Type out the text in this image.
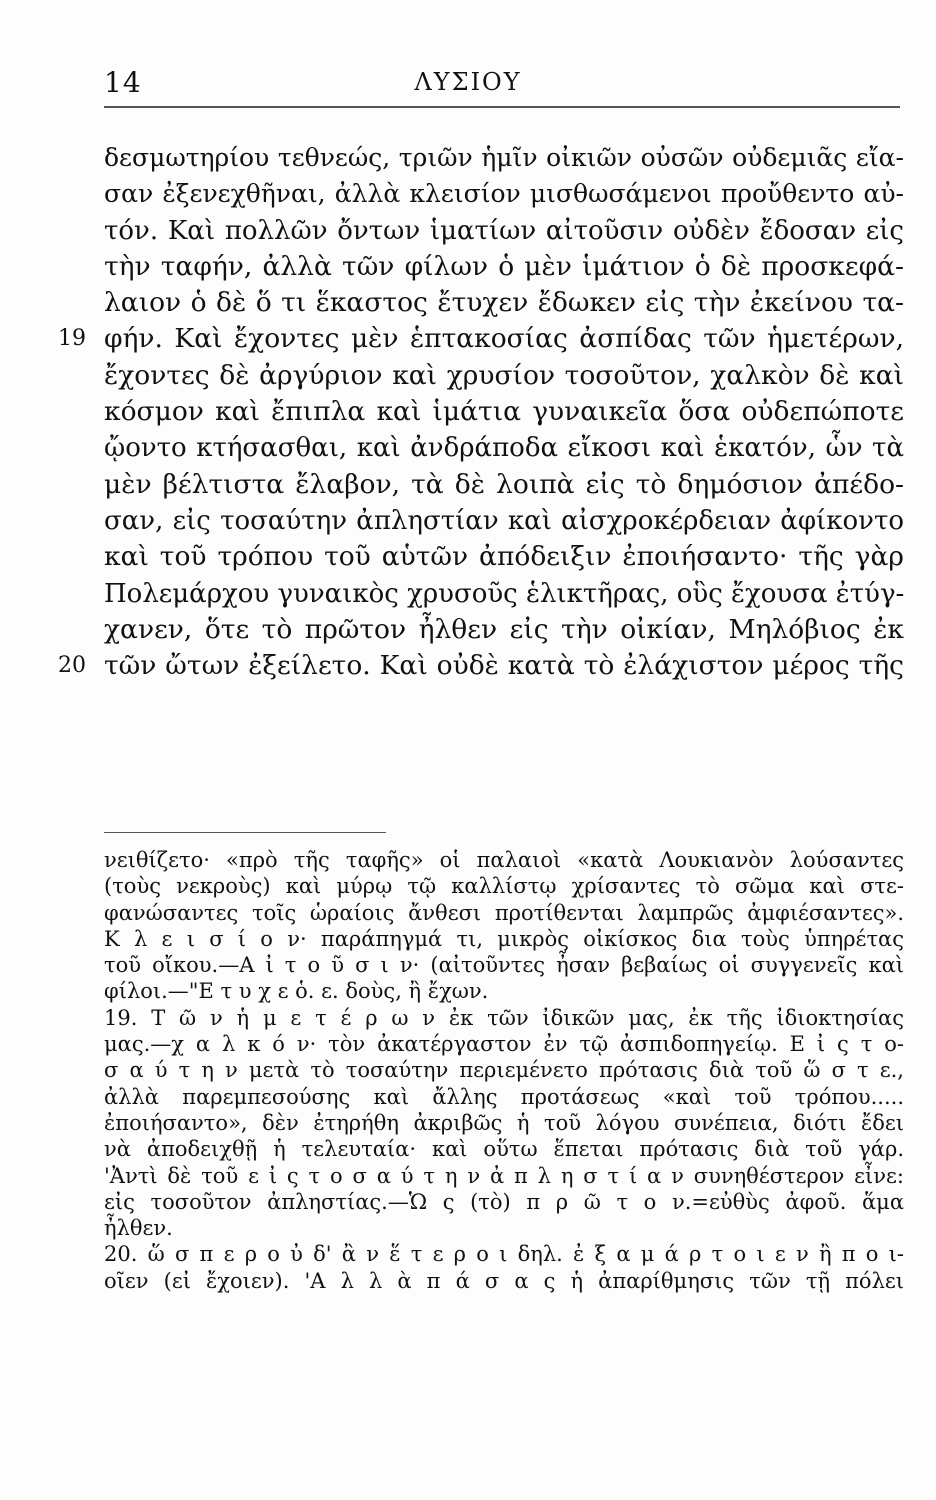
14	ΛΥΣΙΟΥ
δεσμωτηρίου τεθνεώς, τριῶν ἡμῖν οἰκιῶν οὐσῶν οὐδεμιᾶς εἴα-
σαν ἐξενεχθῆναι, ἀλλὰ κλεισίον μισθωσάμενοι προὔθεντο αὐ-
τόν. Καὶ πολλῶν ὄντων ἱματίων αἰτοῦσιν οὐδὲν ἔδοσαν εἰς
τὴν ταφήν, ἀλλὰ τῶν φίλων ὁ μὲν ἱμάτιον ὁ δὲ προσκεφά-
λαιον ὁ δὲ ὅ τι ἕκαστος ἔτυχεν ἔδωκεν εἰς τὴν ἐκείνου τα-
19 φήν. Καὶ ἔχοντες μὲν ἑπτακοσίας ἀσπίδας τῶν ἡμετέρων,
ἔχοντες δὲ ἀργύριον καὶ χρυσίον τοσοῦτον, χαλκὸν δὲ καὶ
κόσμον καὶ ἔπιπλα καὶ ἱμάτια γυναικεῖα ὅσα οὐδεπώποτε
ᾤοντο κτήσασθαι, καὶ ἀνδράποδα εἴκοσι καὶ ἑκατόν, ὧν τὰ
μὲν βέλτιστα ἔλαβον, τὰ δὲ λοιπὰ εἰς τὸ δημόσιον ἀπέδο-
σαν, εἰς τοσαύτην ἀπληστίαν καὶ αἰσχροκέρδειαν ἀφίκοντο
καὶ τοῦ τρόπου τοῦ αὑτῶν ἀπόδειξιν ἐποιήσαντο· τῆς γὰρ
Πολεμάρχου γυναικὸς χρυσοῦς ἑλικτῆρας, οὓς ἔχουσα ἐτύγ-
χανεν, ὅτε τὸ πρῶτον ἦλθεν εἰς τὴν οἰκίαν, Μηλόβιος ἐκ
20 τῶν ὤτων ἐξείλετο. Καὶ οὐδὲ κατὰ τὸ ἐλάχιστον μέρος τῆς
νειθίζετο· «πρὸ τῆς ταφῆς» οἱ παλαιοὶ «κατὰ Λουκιανὸν λούσαντες
(τοὺς νεκροὺς) καὶ μύρῳ τῷ καλλίστῳ χρίσαντες τὸ σῶμα καὶ στε-
φανώσαντες τοῖς ὡραίοις ἄνθεσι προτίθενται λαμπρῶς ἀμφιέσαντες».
Κ λ ε ι σ ί ο ν· παράπηγμά τι, μικρὸς οἰκίσκος δια τοὺς ὑπηρέτας
τοῦ οἴκου.—Α ἰ τ ο ῦ σ ι ν· (αἰτοῦντες ἦσαν βεβαίως οἱ συγγενεῖς καὶ
φίλοι.—"Ε τ υ χ ε ὁ. ε. δοὺς, ἢ ἔχων.
19. Τ ῶ ν ἡ μ ε τ έ ρ ω ν ἐκ τῶν ἰδικῶν μας, ἐκ τῆς ἰδιοκτησίας
μας.—χ α λ κ ό ν· τὸν ἀκατέργαστον ἐν τῷ ἀσπιδοπηγείῳ. Ε ἰ ς τ ο-
σ α ύ τ η ν μετὰ τὸ τοσαύτην περιεμένετο πρότασις διὰ τοῦ ὥ σ τ ε.,
ἀλλὰ παρεμπεσούσης καὶ ἄλλης προτάσεως «καὶ τοῦ τρόπου.....
ἐποιήσαντο», δὲν ἐτηρήθη ἀκριβῶς ἡ τοῦ λόγου συνέπεια, διότι ἔδει
νὰ ἀποδειχθῇ ἡ τελευταία· καὶ οὕτω ἕπεται πρότασις διὰ τοῦ γάρ.
'Ἀντὶ δὲ τοῦ ε ἰ ς τ ο σ α ύ τ η ν ἀ π λ η σ τ ί α ν συνηθέστερον εἶνε:
εἰς τοσοῦτον ἀπληστίας.—Ὡ ς (τὸ) π ρ ῶ τ ο ν.=εὐθὺς ἀφοῦ. ἅμα
ἦλθεν.
20. ὥ σ π ε ρ ο ὐ δ' ἂ ν ἕ τ ε ρ ο ι δηλ. ἐ ξ α μ ά ρ τ ο ι ε ν ἢ π ο ι-
οῖεν (εἰ ἔχοιεν). 'Α λ λ ὰ π ά σ α ς ἡ ἀπαρίθμησις τῶν τῇ πόλει
